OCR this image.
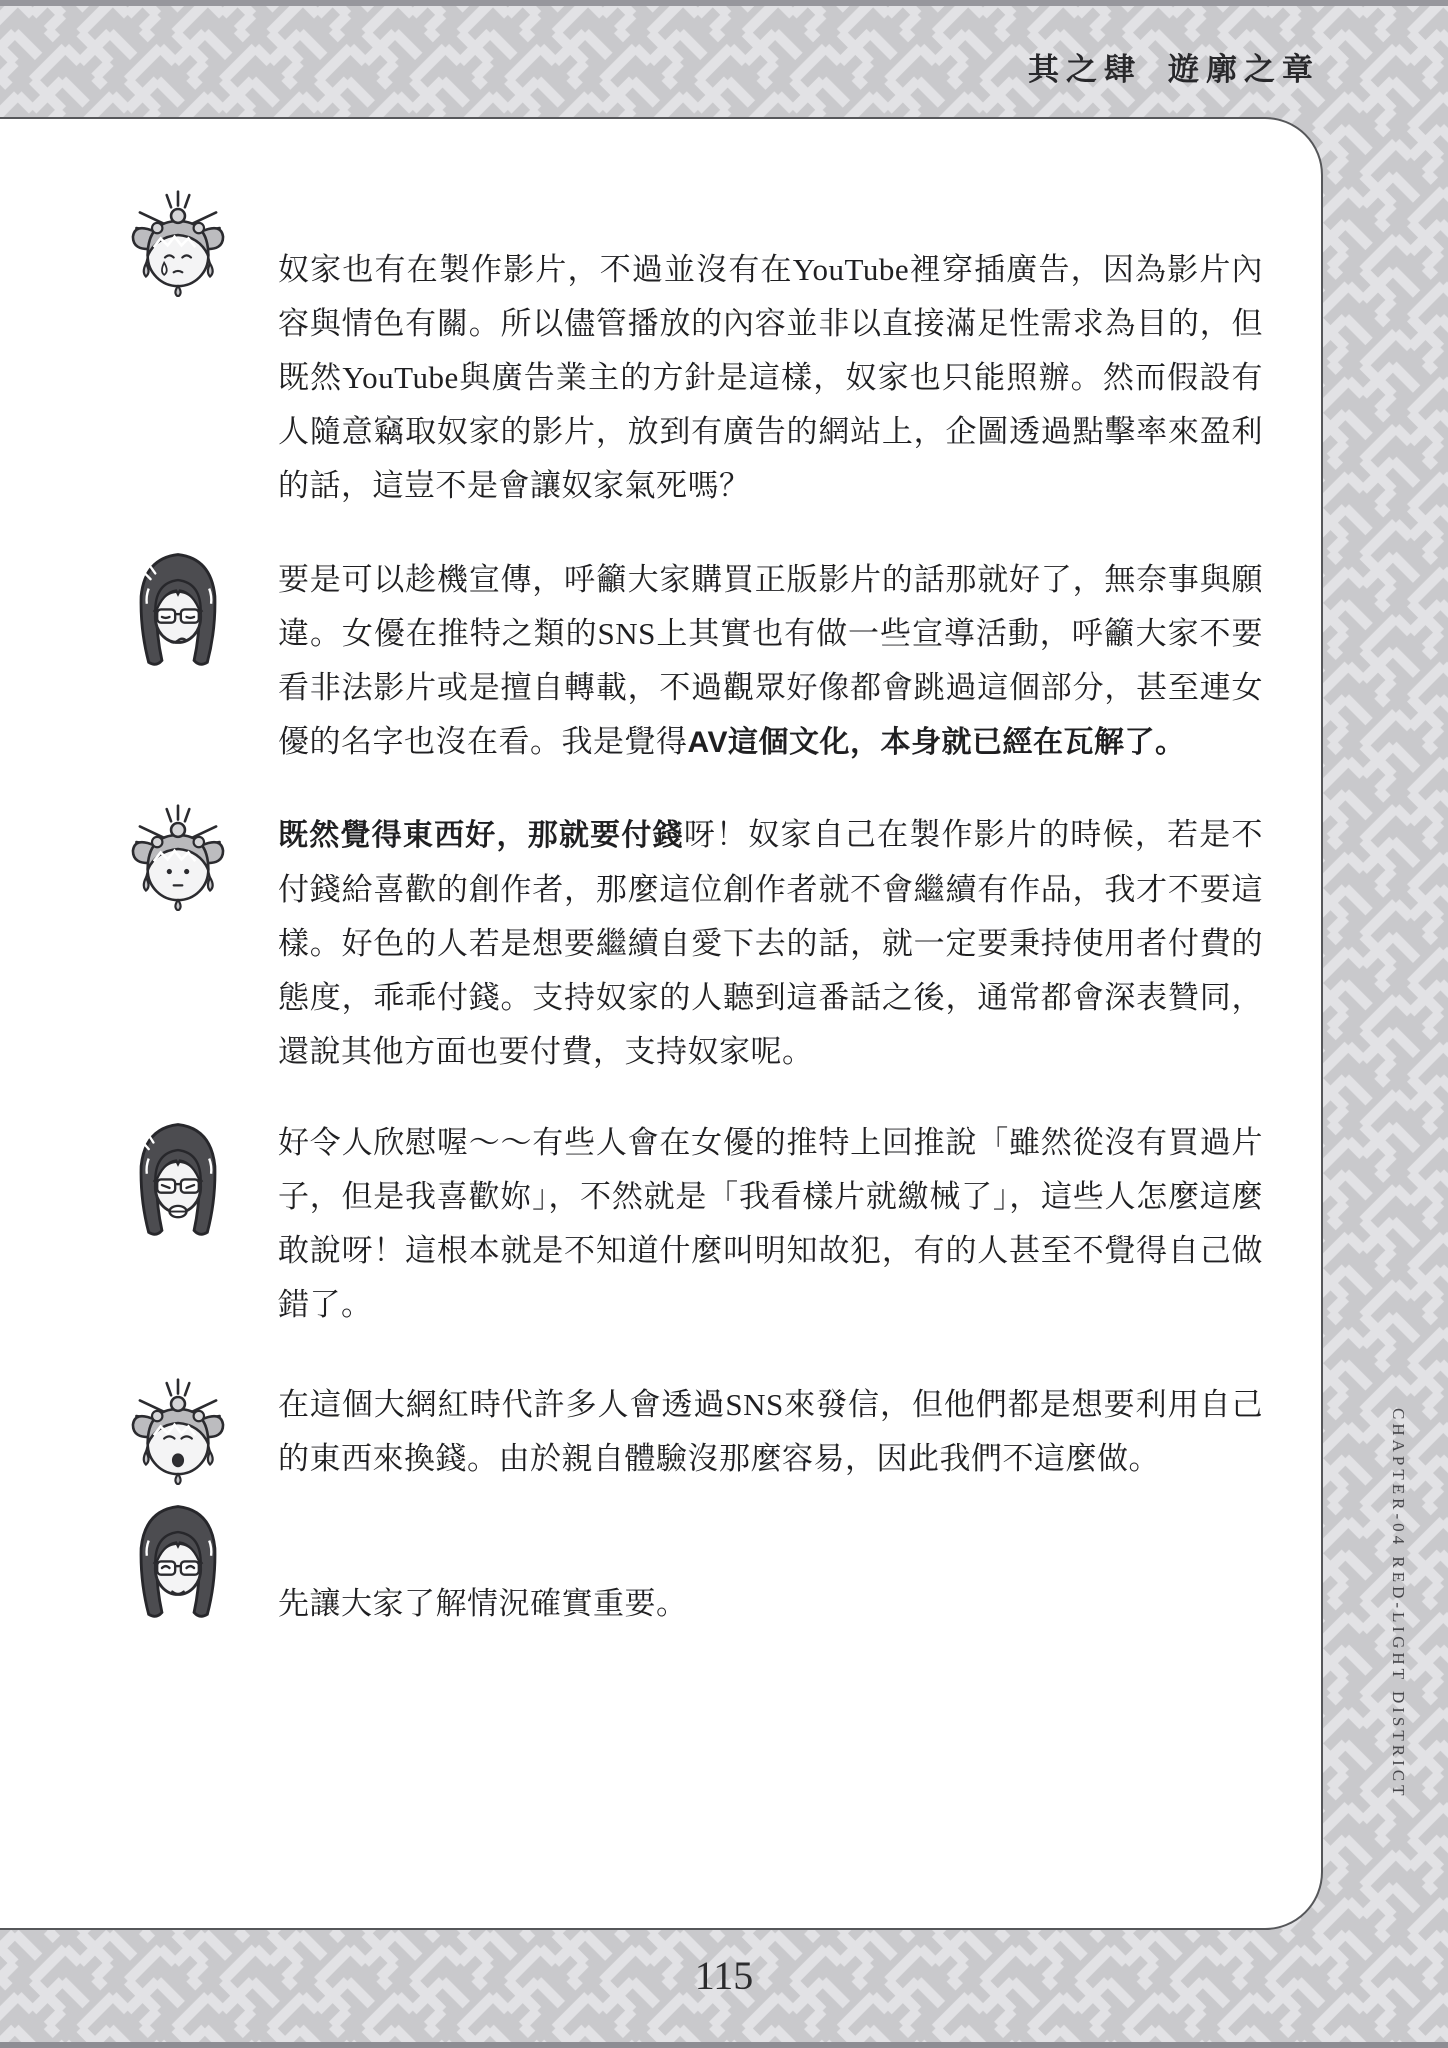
其之肆 遊廓之章

奴家也有在製作影片，不過並沒有在YouTube裡穿插廣告，因為影片內容與情色有關。所以儘管播放的內容並非以直接滿足性需求為目的，但既然YouTube與廣告業主的方針是這樣，奴家也只能照辦。然而假設有人隨意竊取奴家的影片，放到有廣告的網站上，企圖透過點擊率來盈利的話，這豈不是會讓奴家氣死嗎？

要是可以趁機宣傳，呼籲大家購買正版影片的話那就好了，無奈事與願違。女優在推特之類的SNS上其實也有做一些宣導活動，呼籲大家不要看非法影片或是擅自轉載，不過觀眾好像都會跳過這個部分，甚至連女優的名字也沒在看。我是覺得AV這個文化，本身就已經在瓦解了。

既然覺得東西好，那就要付錢呀！奴家自己在製作影片的時候，若是不付錢給喜歡的創作者，那麼這位創作者就不會繼續有作品，我才不要這樣。好色的人若是想要繼續自愛下去的話，就一定要秉持使用者付費的態度，乖乖付錢。支持奴家的人聽到這番話之後，通常都會深表贊同，還說其他方面也要付費，支持奴家呢。

好令人欣慰喔～～有些人會在女優的推特上回推說「雖然從沒有買過片子，但是我喜歡妳」，不然就是「我看樣片就繳械了」，這些人怎麼這麼敢說呀！這根本就是不知道什麼叫明知故犯，有的人甚至不覺得自己做錯了。

在這個大網紅時代許多人會透過SNS來發信，但他們都是想要利用自己的東西來換錢。由於親自體驗沒那麼容易，因此我們不這麼做。

先讓大家了解情況確實重要。	CHAPTER-04 RED-LIGHT DISTRICT
115
